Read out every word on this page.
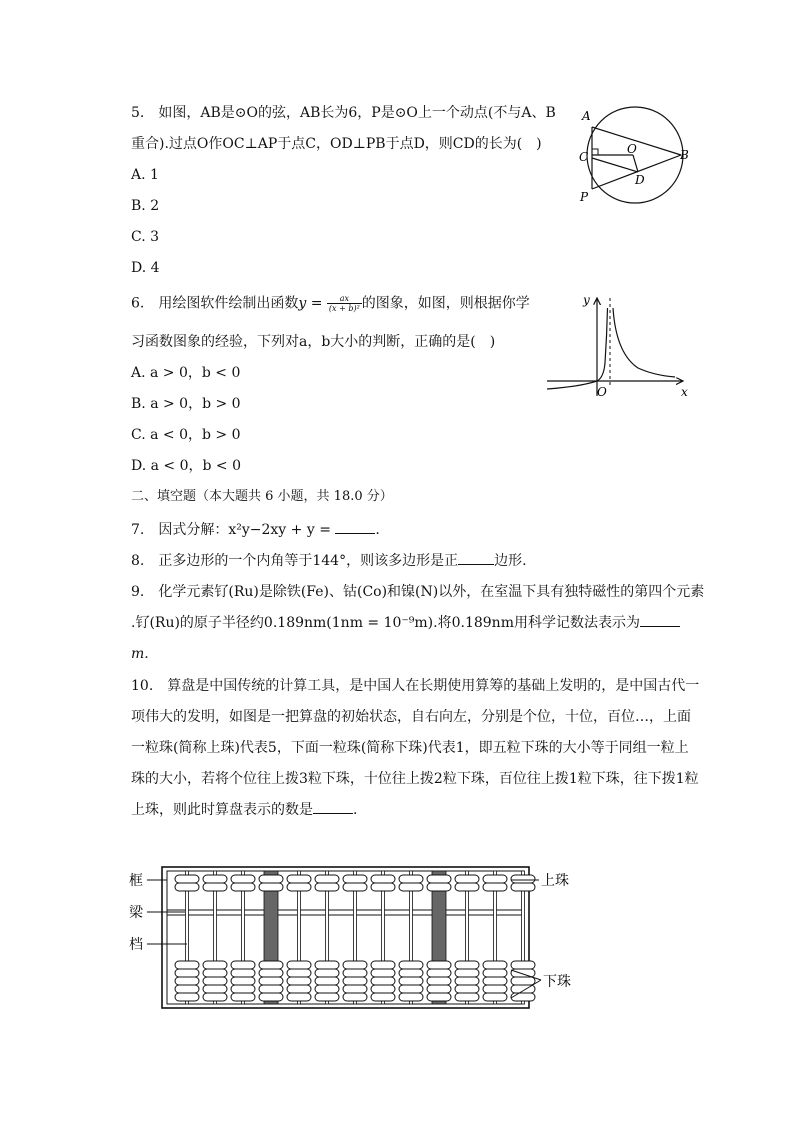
5.　如图，AB是⊙O的弦，AB长为6，P是⊙O上一个动点(不与A、B
重合).过点O作OC⊥AP于点C，OD⊥PB于点D，则CD的长为(　)
A. 1
B. 2
C. 3
D. 4
A
B
C
O
D
P
6.　用绘图软件绘制出函数$y = \frac{ax}{\text{(x + b)²}}$ 的图象，如图，则根据你学
习函数图象的经验，下列对a，b大小的判断，正确的是(　)
A. a > 0，b < 0
B. a > 0，b > 0
C. a < 0，b > 0
D. a < 0，b < 0
y
x
O
二、填空题（本大题共 6 小题，共 18.0 分）
7.　因式分解：x²y−2xy + y =	.
8.　正多边形的一个内角等于144°，则该多边形是正	边形.
9.　化学元素钌(Ru)是除铁(Fe)、钴(Co)和镍(N)以外，在室温下具有独特磁性的第四个元素
.钌(Ru)的原子半径约0.189nm(1nm = 10⁻⁹m).将0.189nm用科学记数法表示为
m.
10.　算盘是中国传统的计算工具，是中国人在长期使用算筹的基础上发明的，是中国古代一
项伟大的发明，如图是一把算盘的初始状态，自右向左，分别是个位，十位，百位…，上面
一粒珠(简称上珠)代表5，下面一粒珠(简称下珠)代表1，即五粒下珠的大小等于同组一粒上
珠的大小，若将个位往上拨3粒下珠，十位往上拨2粒下珠，百位往上拨1粒下珠，往下拨1粒
上珠，则此时算盘表示的数是	.
框
梁
档
上珠
下珠
